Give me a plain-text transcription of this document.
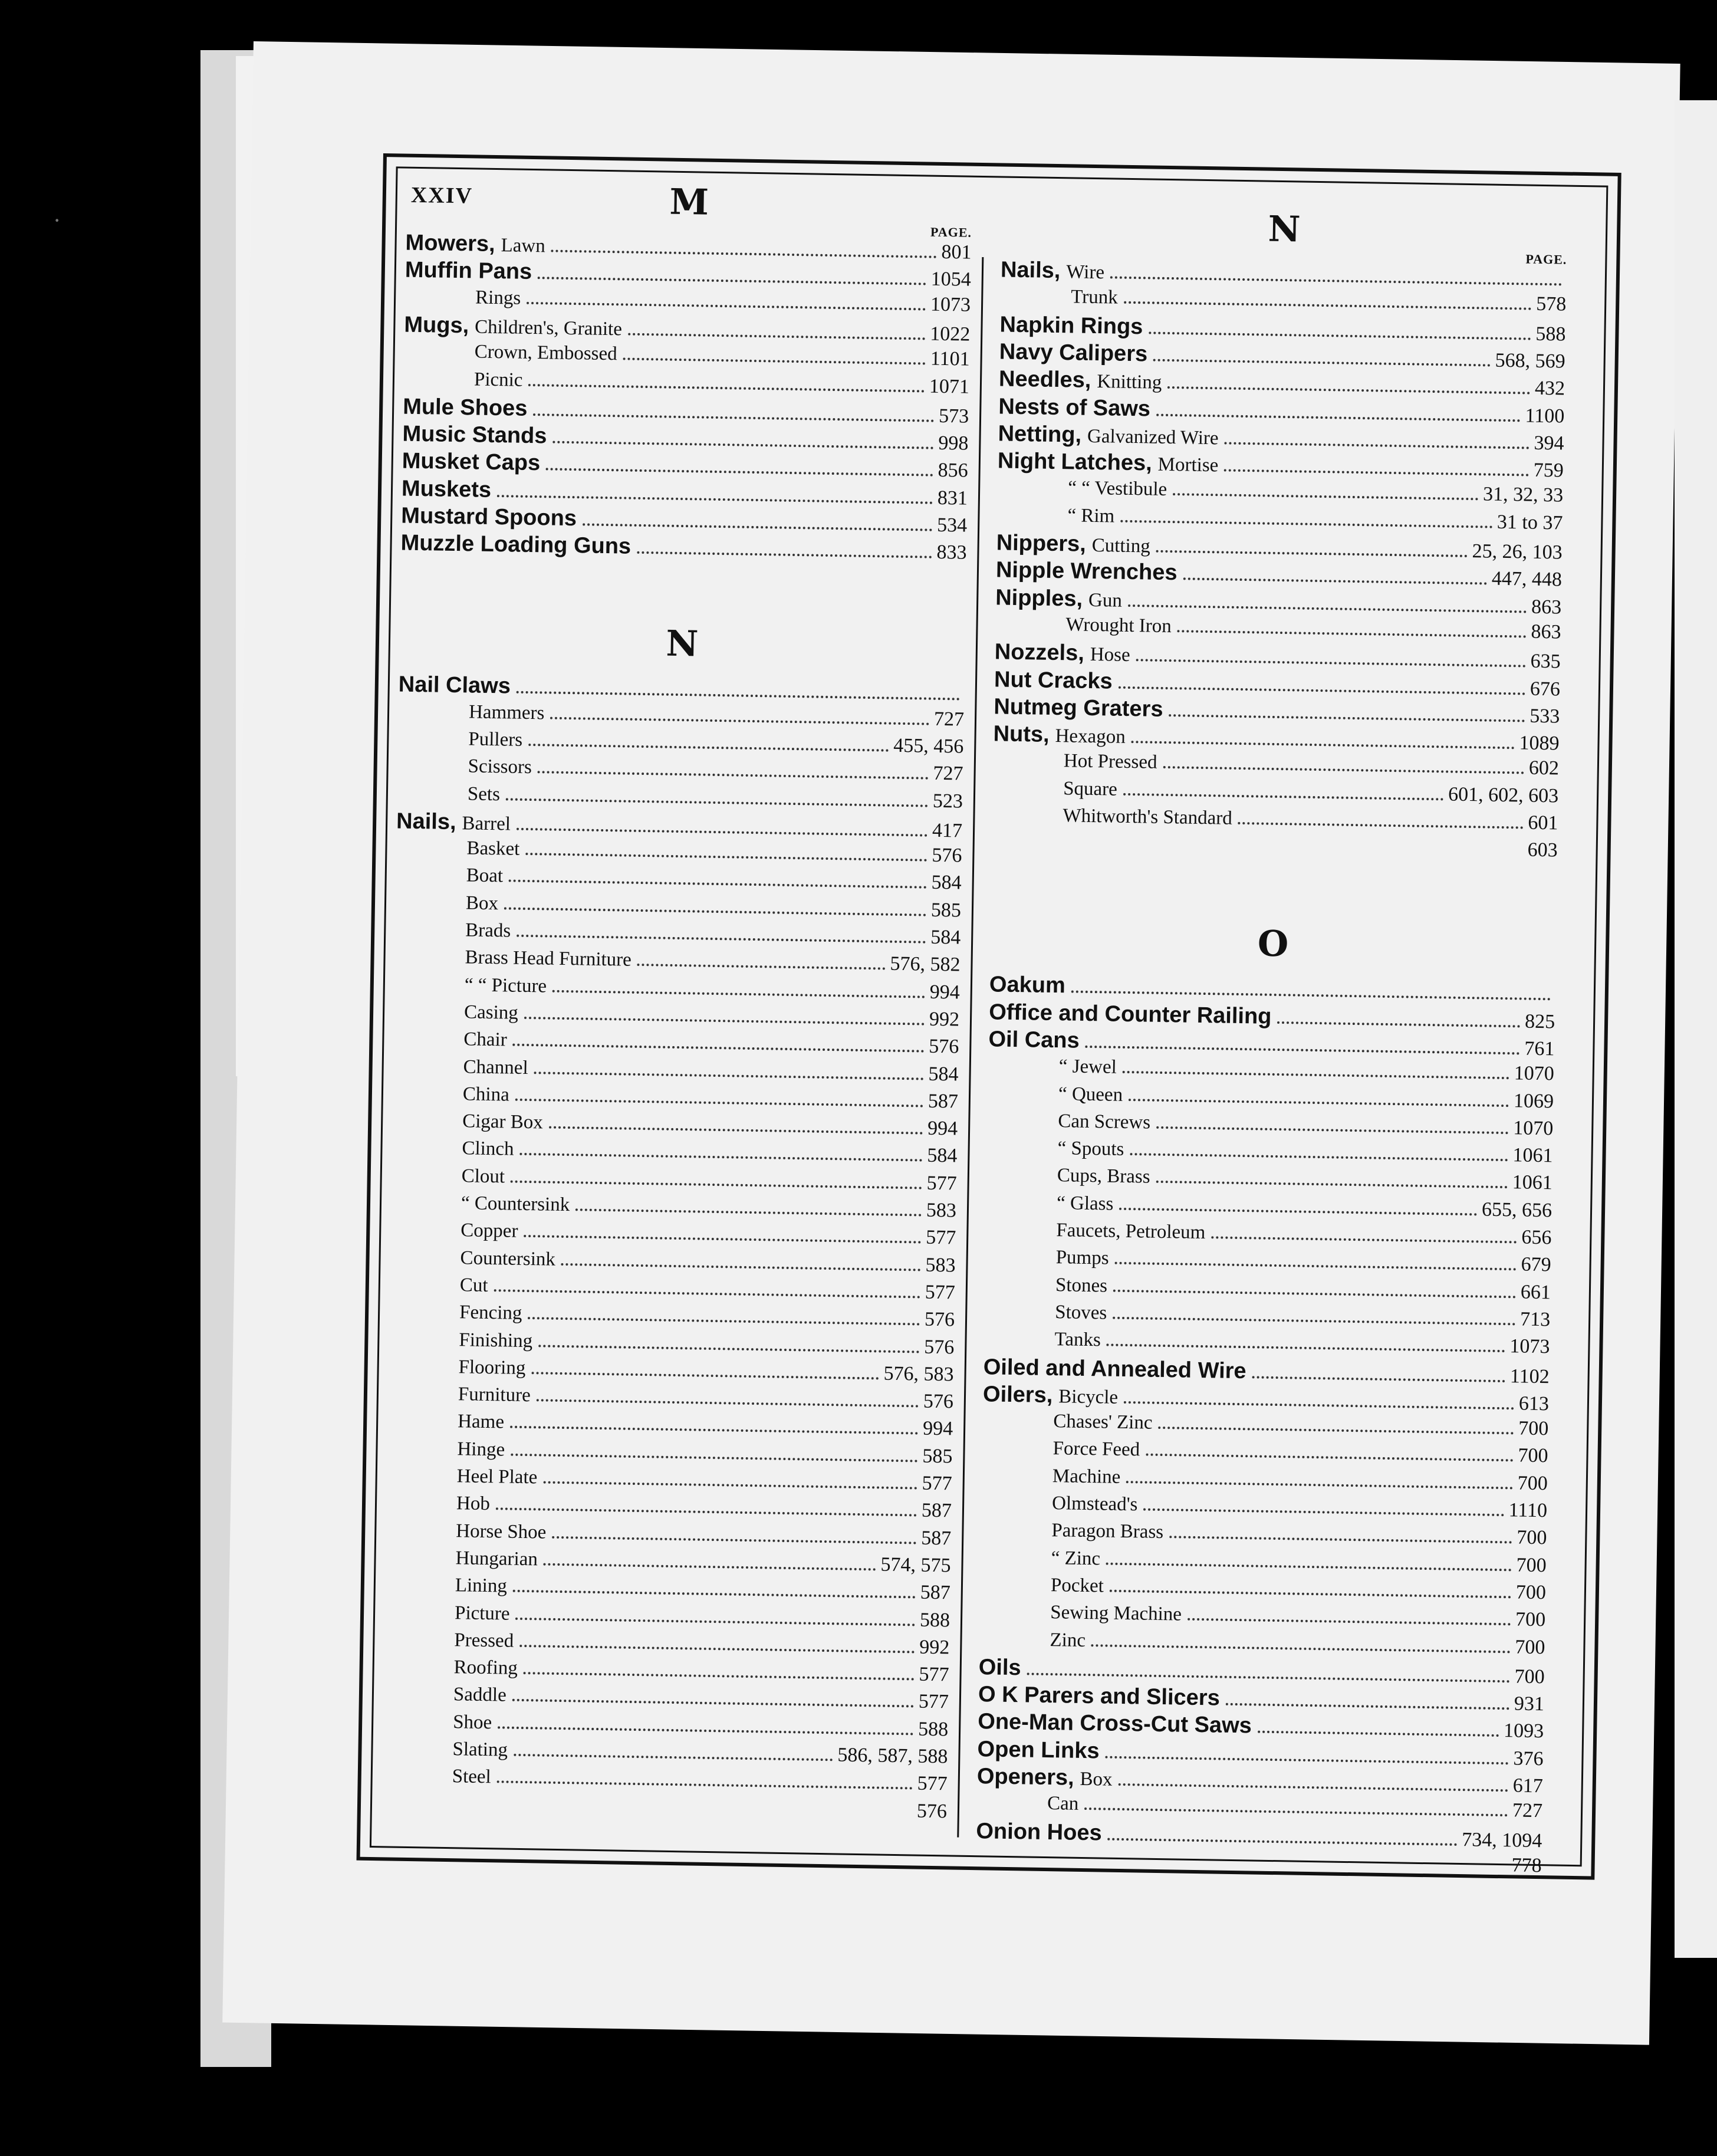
·
XXIV	M
PAGE.
Mowers, Lawn	801
Muffin Pans	1054
Rings	1073
Mugs, Children's, Granite	1022
Crown, Embossed	1101
Picnic	1071
Mule Shoes	573
Music Stands	998
Musket Caps	856
Muskets	831
Mustard Spoons	534
Muzzle Loading Guns	833
N
Nail Claws
Hammers	727
Pullers	455, 456
Scissors	727
Sets	523
Nails, Barrel	417
Basket	576
Boat	584
Box	585
Brads	584
Brass Head Furniture	576, 582
“ “ Picture	994
Casing	992
Chair	576
Channel	584
China	587
Cigar Box	994
Clinch	584
Clout	577
“ Countersink	583
Copper	577
Countersink	583
Cut	577
Fencing	576
Finishing	576
Flooring	576, 583
Furniture	576
Hame	994
Hinge	585
Heel Plate	577
Hob	587
Horse Shoe	587
Hungarian	574, 575
Lining	587
Picture	588
Pressed	992
Roofing	577
Saddle	577
Shoe	588
Slating	586, 587, 588
Steel	577
576
N
PAGE.
Nails, Wire
Trunk	578
Napkin Rings	588
Navy Calipers	568, 569
Needles, Knitting	432
Nests of Saws	1100
Netting, Galvanized Wire	394
Night Latches, Mortise	759
“ “ Vestibule	31, 32, 33
“ Rim	31 to 37
Nippers, Cutting	25, 26, 103
Nipple Wrenches	447, 448
Nipples, Gun	863
Wrought Iron	863
Nozzels, Hose	635
Nut Cracks	676
Nutmeg Graters	533
Nuts, Hexagon	1089
Hot Pressed	602
Square	601, 602, 603
Whitworth's Standard	601
603
O
Oakum
Office and Counter Railing	825
Oil Cans	761
“ Jewel	1070
“ Queen	1069
Can Screws	1070
“ Spouts	1061
Cups, Brass	1061
“ Glass	655, 656
Faucets, Petroleum	656
Pumps	679
Stones	661
Stoves	713
Tanks	1073
Oiled and Annealed Wire	1102
Oilers, Bicycle	613
Chases' Zinc	700
Force Feed	700
Machine	700
Olmstead's	1110
Paragon Brass	700
“ Zinc	700
Pocket	700
Sewing Machine	700
Zinc	700
Oils	700
O K Parers and Slicers	931
One-Man Cross-Cut Saws	1093
Open Links	376
Openers, Box	617
Can	727
Onion Hoes	734, 1094
778
